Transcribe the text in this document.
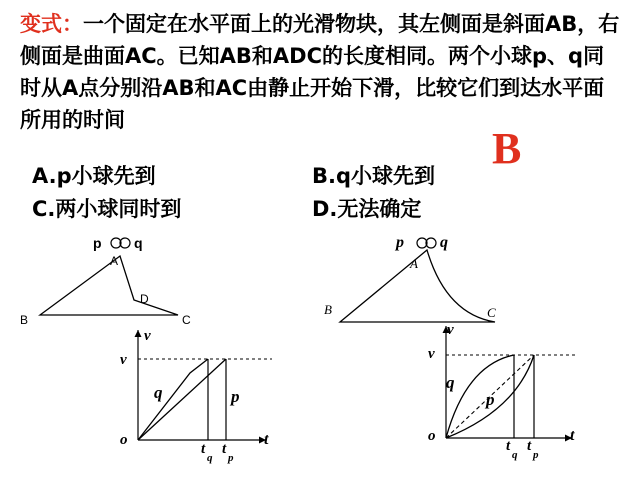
变式：一个固定在水平面上的光滑物块，其左侧面是斜面AB，右侧面是曲面AC。已知AB和ADC的长度相同。两个小球p、q同时从A点分别沿AB和AC由静止开始下滑，比较它们到达水平面所用的时间

B
A.p小球先到	B.q小球先到
C.两小球同时到	D.无法确定
p q
A
B
D
C
p q
A
B	C
v
v
o	t
q	p
t
q
t
p
v
v
o	t
q
p
t
q
t
p
